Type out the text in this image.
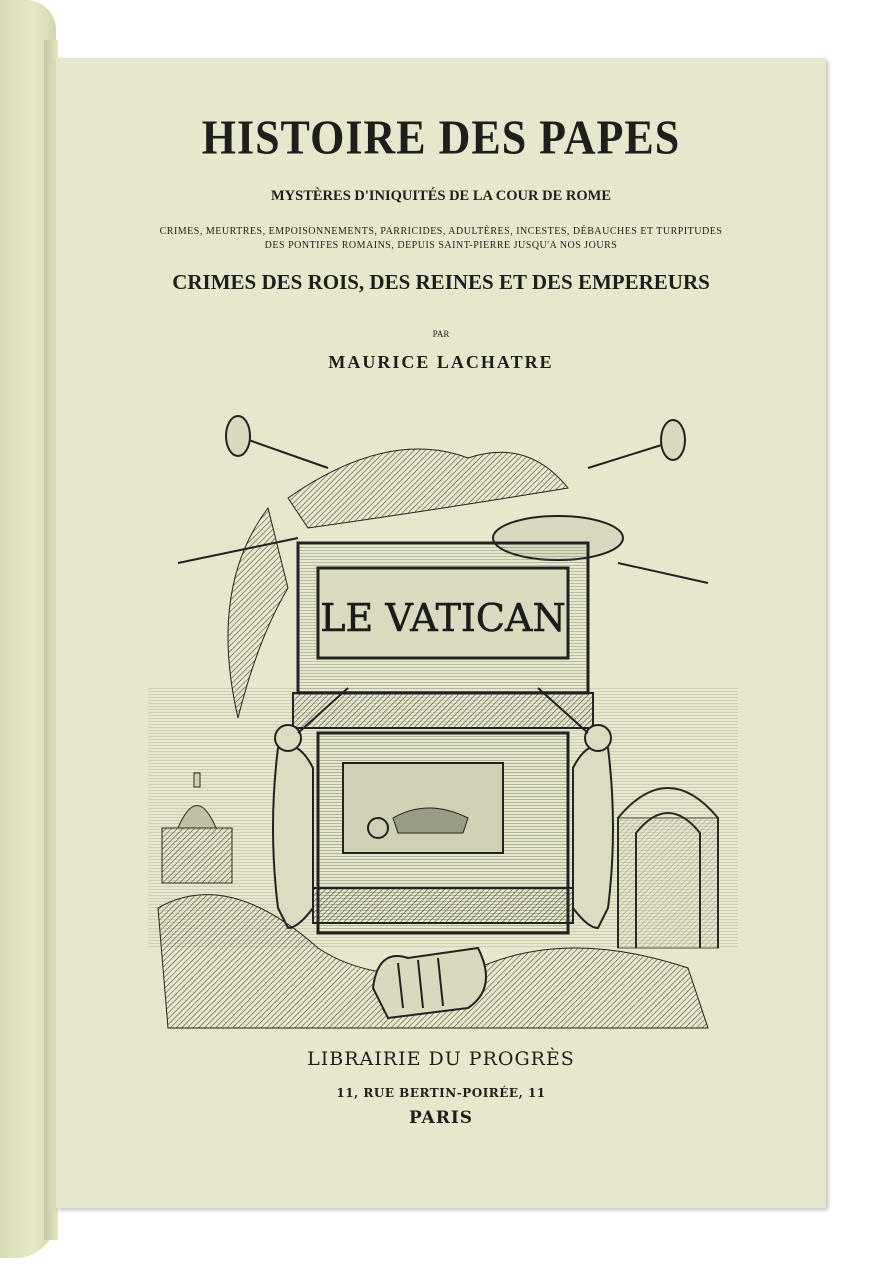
HISTOIRE DES PAPES
MYSTÈRES D'INIQUITÉS DE LA COUR DE ROME
CRIMES, MEURTRES, EMPOISONNEMENTS, PARRICIDES, ADULTÈRES, INCESTES, DÉBAUCHES ET TURPITUDES
DES PONTIFES ROMAINS, DEPUIS SAINT-PIERRE JUSQU'A NOS JOURS
CRIMES DES ROIS, DES REINES ET DES EMPEREURS
PAR
MAURICE LACHATRE
LE VATICAN
LIBRAIRIE DU PROGRÈS
11, RUE BERTIN-POIRÉE, 11
PARIS
